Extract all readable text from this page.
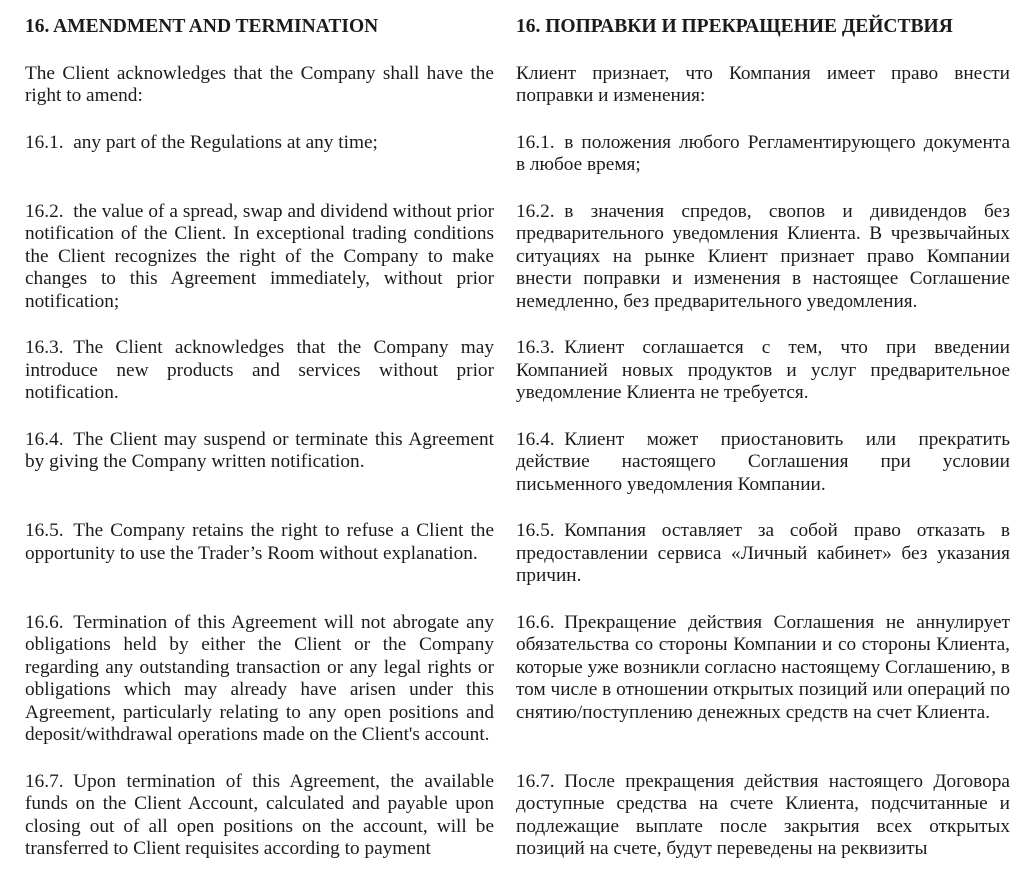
16. AMENDMENT AND TERMINATION	16. ПОПРАВКИ И ПРЕКРАЩЕНИЕ ДЕЙСТВИЯ
The Client acknowledges that the Company shall have the right to amend:
Клиент признает, что Компания имеет право внести поправки и изменения:
16.1. any part of the Regulations at any time;	16.1. в положения любого Регламентирующего документа в любое время;
16.2. the value of a spread, swap and dividend without prior notification of the Client. In exceptional trading conditions the Client recognizes the right of the Company to make changes to this Agreement immediately, without prior notification;
16.2. в значения спредов, свопов и дивидендов без предварительного уведомления Клиента. В чрезвычайных ситуациях на рынке Клиент признает право Компании внести поправки и изменения в настоящее Соглашение немедленно, без предварительного уведомления.
16.3. The Client acknowledges that the Company may introduce new products and services without prior notification.
16.3. Клиент соглашается с тем, что при введении Компанией новых продуктов и услуг предварительное уведомление Клиента не требуется.
16.4. The Client may suspend or terminate this Agreement by giving the Company written notification.
16.4. Клиент может приостановить или прекратить действие настоящего Соглашения при условии письменного уведомления Компании.
16.5. The Company retains the right to refuse a Client the opportunity to use the Trader’s Room without explanation.
16.5. Компания оставляет за собой право отказать в предоставлении сервиса «Личный кабинет» без указания причин.
16.6. Termination of this Agreement will not abrogate any obligations held by either the Client or the Company regarding any outstanding transaction or any legal rights or obligations which may already have arisen under this Agreement, particularly relating to any open positions and deposit/withdrawal operations made on the Client's account.
16.6. Прекращение действия Соглашения не аннулирует обязательства со стороны Компании и со стороны Клиента, которые уже возникли согласно настоящему Соглашению, в том числе в отношении открытых позиций или операций по снятию/поступлению денежных средств на счет Клиента.
16.7. Upon termination of this Agreement, the available funds on the Client Account, calculated and payable upon closing out of all open positions on the account, will be transferred to Client requisites according to payment
16.7. После прекращения действия настоящего Договора доступные средства на счете Клиента, подсчитанные и подлежащие выплате после закрытия всех открытых позиций на счете, будут переведены на реквизиты
